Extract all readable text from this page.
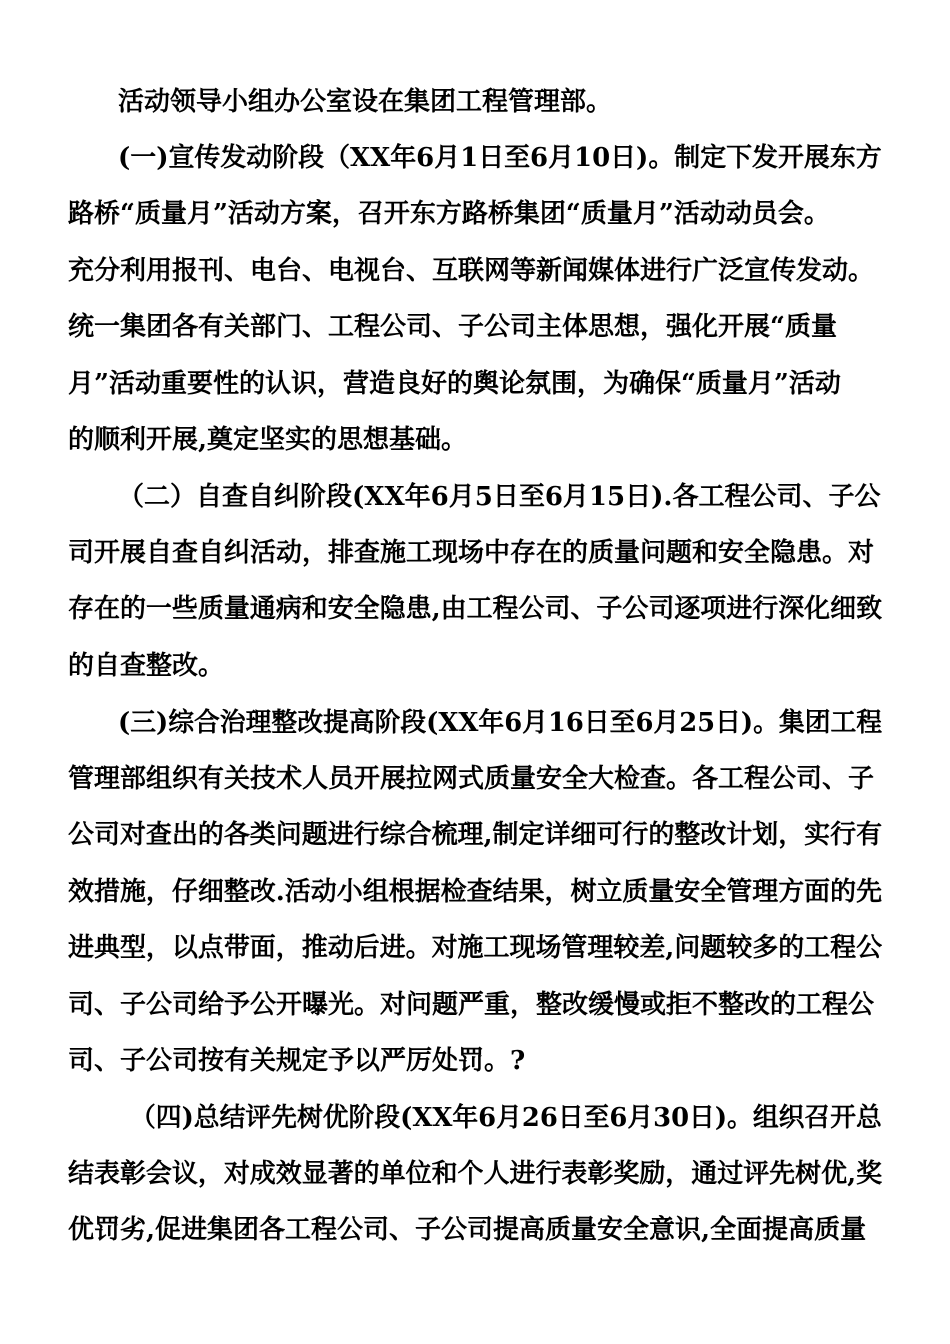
活动领导小组办公室设在集团工程管理部。
(一)宣传发动阶段（XX年6月1日至6月10日)。制定下发开展东方
路桥“质量月”活动方案，召开东方路桥集团“质量月”活动动员会。
充分利用报刊、电台、电视台、互联网等新闻媒体进行广泛宣传发动。
统一集团各有关部门、工程公司、子公司主体思想，强化开展“质量
月”活动重要性的认识，营造良好的舆论氛围，为确保“质量月”活动
的顺利开展,奠定坚实的思想基础。
（二）自查自纠阶段(XX年6月5日至6月15日).各工程公司、子公
司开展自查自纠活动，排查施工现场中存在的质量问题和安全隐患。对
存在的一些质量通病和安全隐患,由工程公司、子公司逐项进行深化细致
的自查整改。
(三)综合治理整改提高阶段(XX年6月16日至6月25日)。集团工程
管理部组织有关技术人员开展拉网式质量安全大检查。各工程公司、子
公司对查出的各类问题进行综合梳理,制定详细可行的整改计划，实行有
效措施，仔细整改.活动小组根据检查结果，树立质量安全管理方面的先
进典型，以点带面，推动后进。对施工现场管理较差,问题较多的工程公
司、子公司给予公开曝光。对问题严重，整改缓慢或拒不整改的工程公
司、子公司按有关规定予以严厉处罚。?
（四)总结评先树优阶段(XX年6月26日至6月30日)。组织召开总
结表彰会议，对成效显著的单位和个人进行表彰奖励，通过评先树优,奖
优罚劣,促进集团各工程公司、子公司提高质量安全意识,全面提高质量
